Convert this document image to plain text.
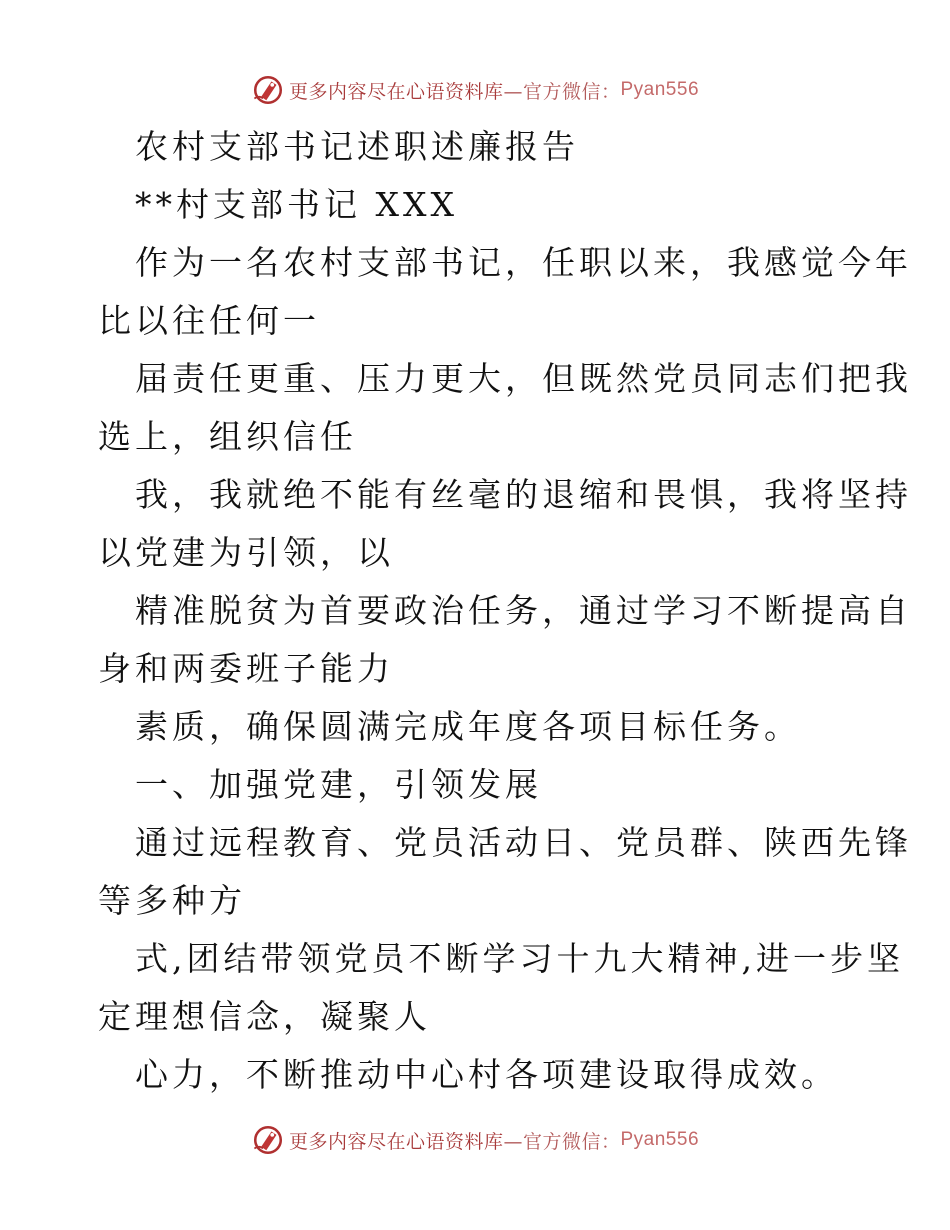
更多内容尽在心语资料库 —官方微信： Pyan556
农村支部书记述职述廉报告
**村支部书记 XXX
作为一名农村支部书记，任职以来，我感觉今年
比以往任何一
届责任更重、压力更大，但既然党员同志们把我
选上，组织信任
我，我就绝不能有丝毫的退缩和畏惧，我将坚持
以党建为引领，以
精准脱贫为首要政治任务，通过学习不断提高自
身和两委班子能力
素质，确保圆满完成年度各项目标任务。
一、加强党建，引领发展
通过远程教育、党员活动日、党员群、陕西先锋
等多种方
式,团结带领党员不断学习十九大精神,进一步坚
定理想信念，凝聚人
心力，不断推动中心村各项建设取得成效。
更多内容尽在心语资料库 —官方微信： Pyan556
